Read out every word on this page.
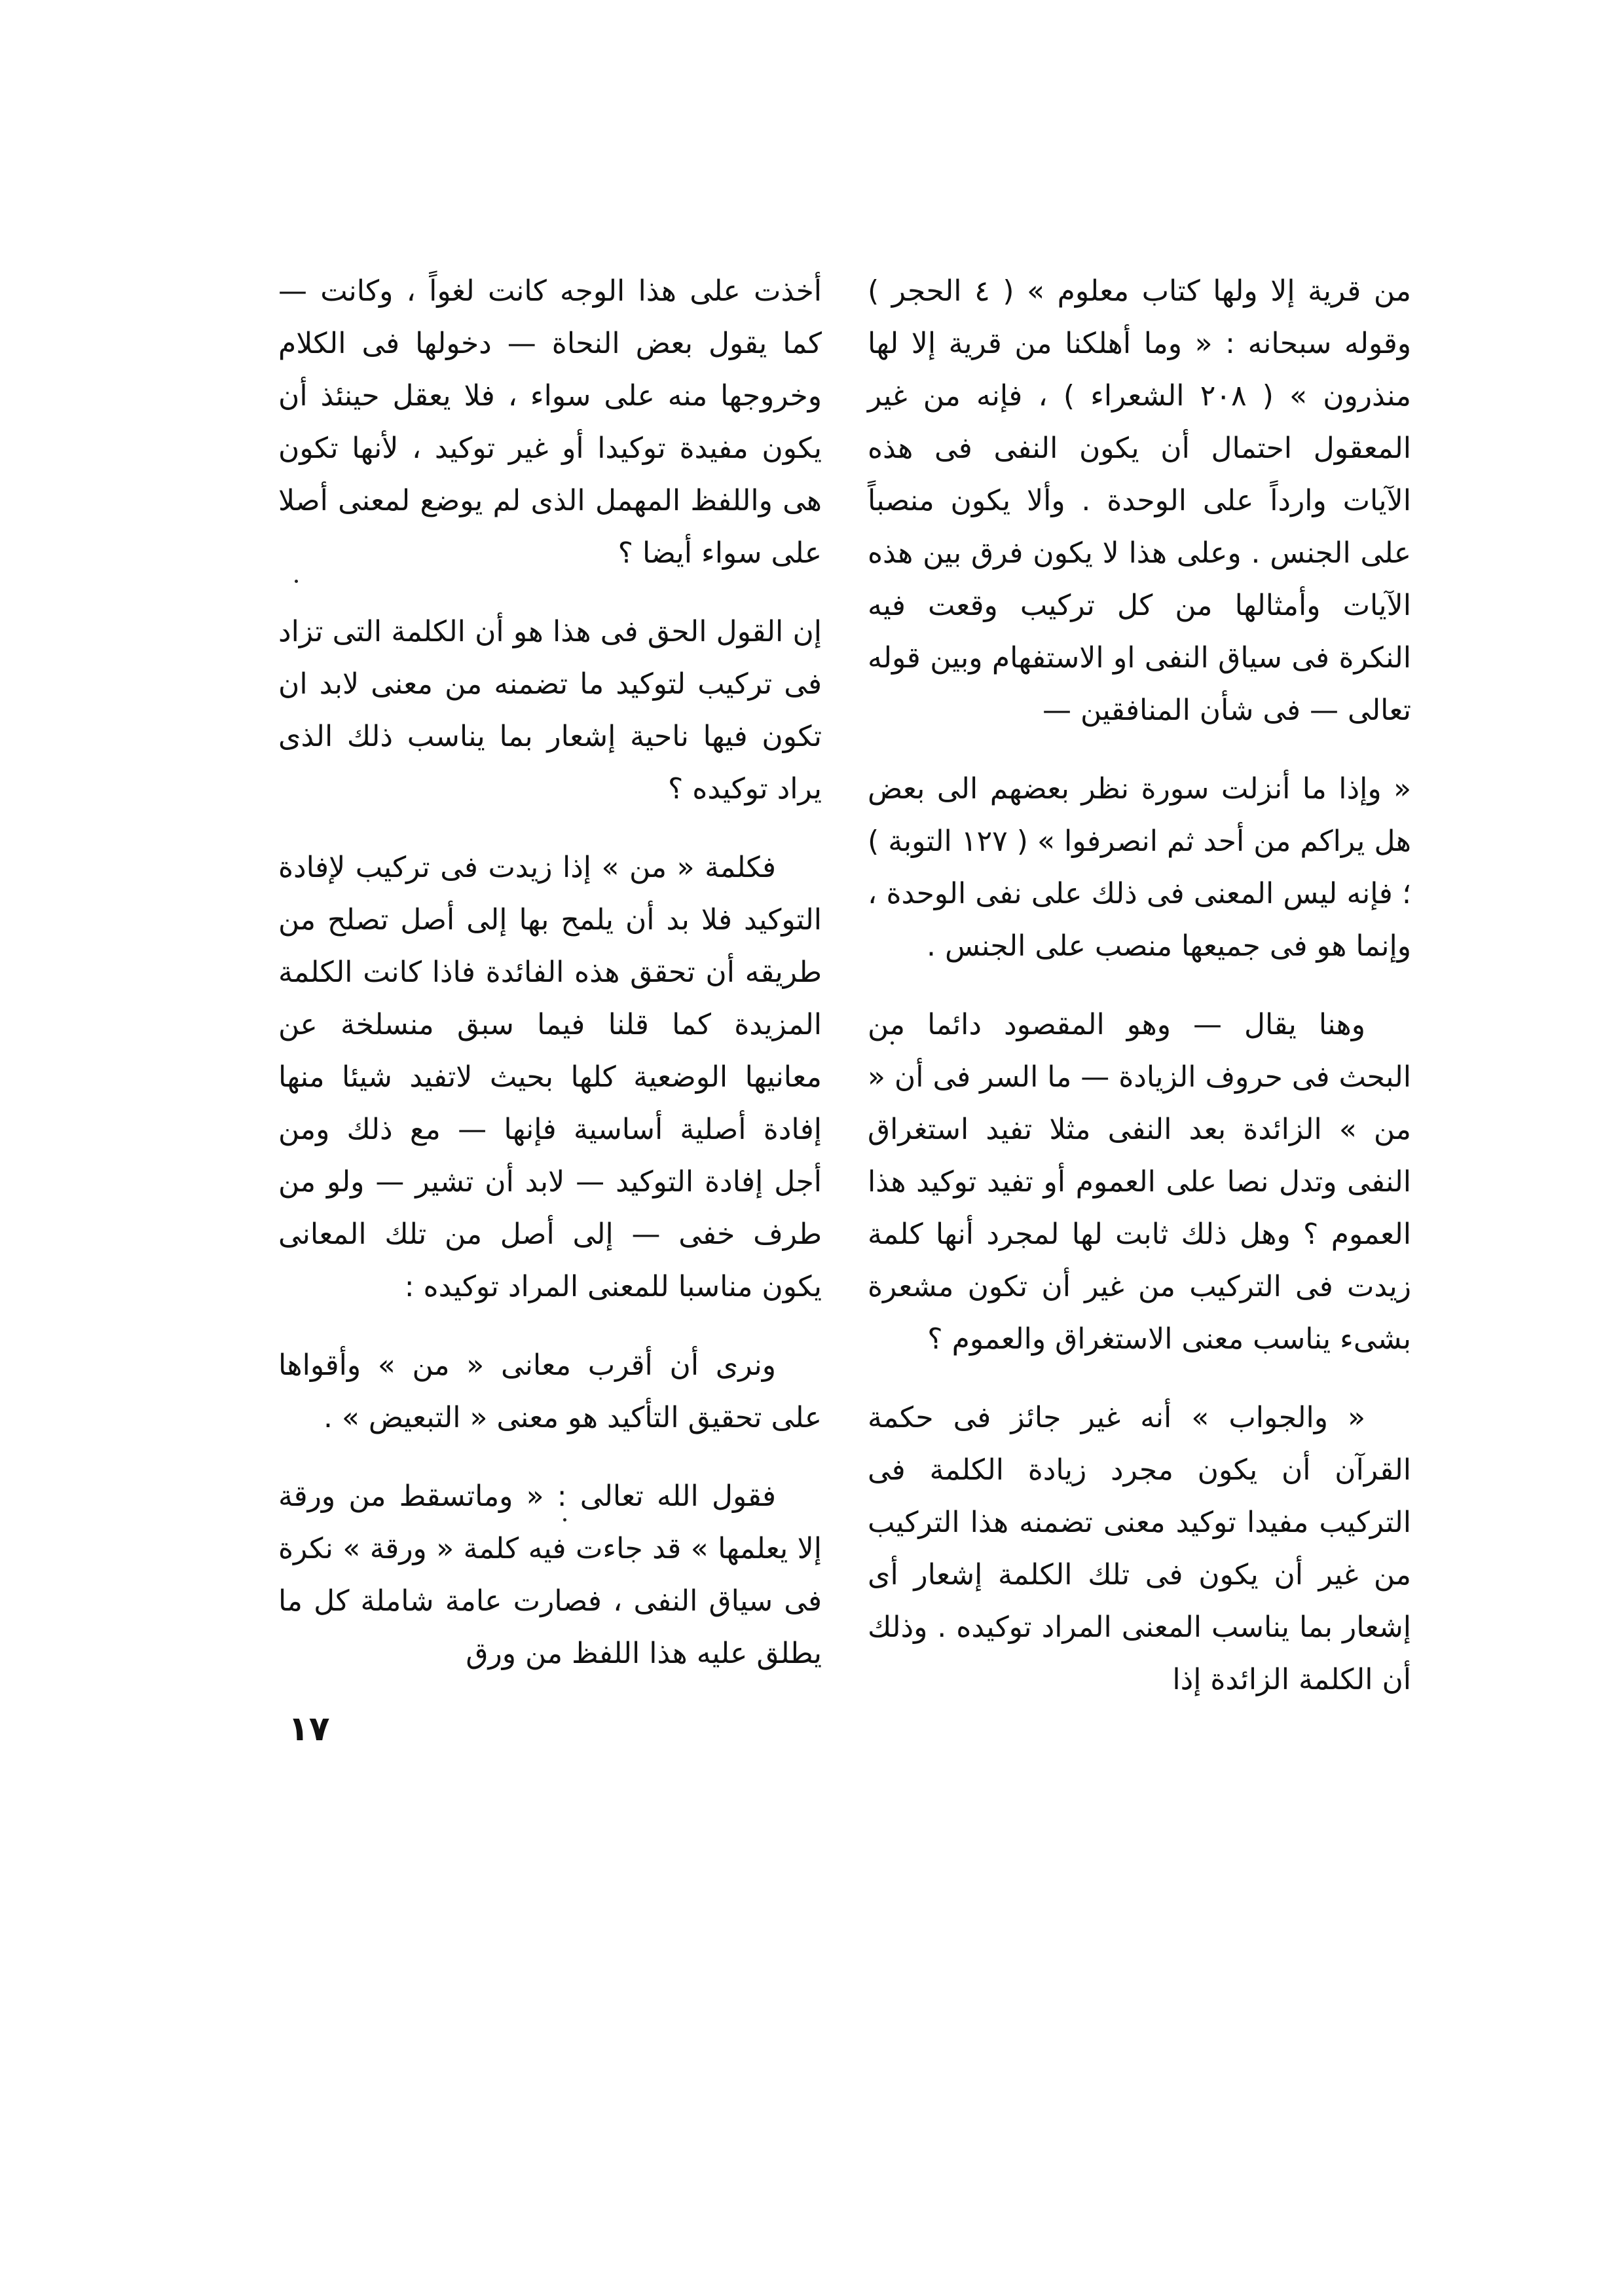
من قرية إلا ولها كتاب معلوم » ( ٤ الحجر ) وقوله سبحانه : « وما أهلكنا من قرية إلا لها منذرون » ( ٢٠٨ الشعراء ) ، فإنه من غير المعقول احتمال أن يكون النفى فى هذه الآيات وارداً على الوحدة . وألا يكون منصباً على الجنس . وعلى هذا لا يكون فرق بين هذه الآيات وأمثالها من كل تركيب وقعت فيه النكرة فى سياق النفى او الاستفهام وبين قوله تعالى — فى شأن المنافقين —

« وإذا ما أنزلت سورة نظر بعضهم الى بعض هل يراكم من أحد ثم انصرفوا » ( ١٢٧ التوبة ) ؛ فإنه ليس المعنى فى ذلك على نفى الوحدة ، وإنما هو فى جميعها منصب على الجنس .

وهنا يقال — وهو المقصود دائما من البحث فى حروف الزيادة — ما السر فى أن « من » الزائدة بعد النفى مثلا تفيد استغراق النفى وتدل نصا على العموم أو تفيد توكيد هذا العموم ؟ وهل ذلك ثابت لها لمجرد أنها كلمة زيدت فى التركيب من غير أن تكون مشعرة بشىء يناسب معنى الاستغراق والعموم ؟

« والجواب » أنه غير جائز فى حكمة القرآن أن يكون مجرد زيادة الكلمة فى التركيب مفيدا توكيد معنى تضمنه هذا التركيب من غير أن يكون فى تلك الكلمة إشعار أى إشعار بما يناسب المعنى المراد توكيده . وذلك أن الكلمة الزائدة إذا

أخذت على هذا الوجه كانت لغواً ، وكانت — كما يقول بعض النحاة — دخولها فى الكلام وخروجها منه على سواء ، فلا يعقل حينئذ أن يكون مفيدة توكيدا أو غير توكيد ، لأنها تكون هى واللفظ المهمل الذى لم يوضع لمعنى أصلا على سواء أيضا ؟

إن القول الحق فى هذا هو أن الكلمة التى تزاد فى تركيب لتوكيد ما تضمنه من معنى لابد ان تكون فيها ناحية إشعار بما يناسب ذلك الذى يراد توكيده ؟

فكلمة « من » إذا زيدت فى تركيب لإفادة التوكيد فلا بد أن يلمح بها إلى أصل تصلح من طريقه أن تحقق هذه الفائدة فاذا كانت الكلمة المزيدة كما قلنا فيما سبق منسلخة عن معانيها الوضعية كلها بحيث لاتفيد شيئا منها إفادة أصلية أساسية فإنها — مع ذلك ومن أجل إفادة التوكيد — لابد أن تشير — ولو من طرف خفى — إلى أصل من تلك المعانى يكون مناسبا للمعنى المراد توكيده :

ونرى أن أقرب معانى « من » وأقواها على تحقيق التأكيد هو معنى « التبعيض » .

فقول الله تعالى : « وماتسقط من ورقة إلا يعلمها » قد جاءت فيه كلمة « ورقة » نكرة فى سياق النفى ، فصارت عامة شاملة كل ما يطلق عليه هذا اللفظ من ورق

١٧
